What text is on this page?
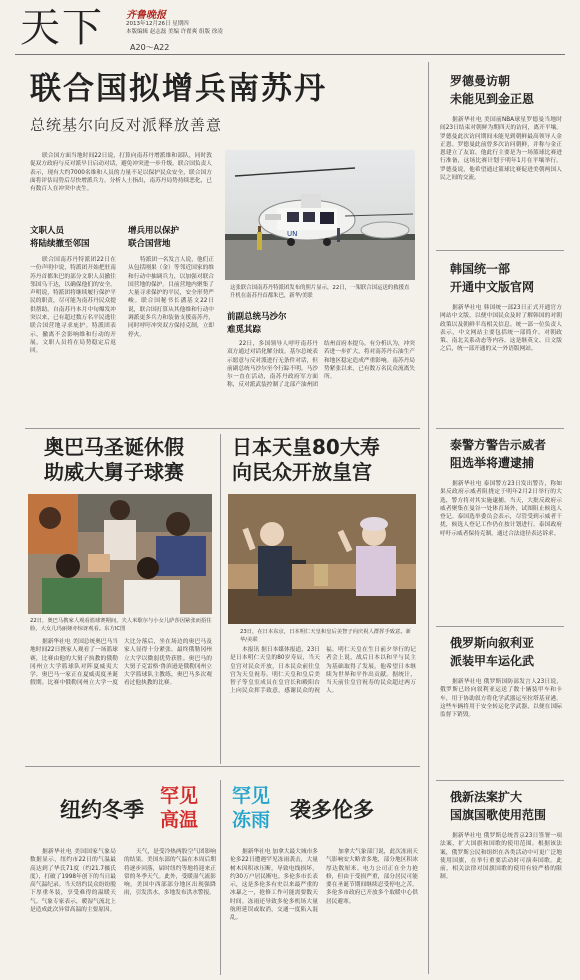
天下 齐鲁晚报
2013年12月26日 星期四
本版编辑 赵志磊 美编 许翟爽 组版 徐凌
A20～A22
联合国拟增兵南苏丹
总统基尔向反对派释放善意
联合国方面当地时间22日说，打算向南苏丹增派维和部队，同时敦促双方政府与反对派早日启动对话，避免冲突进一步升级。联合国负责人表示，现有大约7000名维和人员的力量不足以保护民众安全，联合国方面将评估局势后尽快增派兵力。分析人士指出，南苏丹局势持续恶化，已有数百人在冲突中丧生。
UN
这张联合国南苏丹特派团发布的照片显示，22日，一架联合国运送的救援直升机在南苏丹首都朱巴，新华/美联
文职人员
将陆续撤至邻国
联合国南苏丹特派团22日在一份声明中说，特派团开始把驻南苏丹首都朱巴的部分文职人员撤往邻国乌干达，以确保他们的安全。声明说，特派团将继续履行保护平民的职责，尽可能为南苏丹民众提供帮助。自南苏丹本月中旬爆发冲突以来，已有超过数万名平民逃往联合国营地寻求庇护。特派团表示，撤离不会影响维和行动的开展，文职人员将在局势稳定后返回。
增兵用以保护
联合国营地
特派团一名发言人说，他们正从包括刚果（金）等邻近国家的维和行动中抽调兵力，以加强对联合国营地的保护。目前营地内聚集了大量寻求保护的平民，安全形势严峻。联合国秘书长潘基文22日说，联合国打算从其他维和行动中调派更多兵力和装备支援南苏丹，同时呼吁冲突双方保持克制，立即停火。
前副总统马沙尔
难觅其踪
22日，多国领导人呼吁南苏丹双方通过对话化解分歧。基尔总统表示愿意与反对派进行无条件对话，但前副总统马沙尔至今行踪不明。马沙尔一直在活动，南苏丹政府军方面称，反对派武装控制了北部产油州团结州首府本提乌。有分析认为，冲突若进一步扩大，将对南苏丹石油生产和地区稳定造成严重影响。南苏丹局势紧张以来，已有数万名民众流离失所。
奥巴马圣诞休假
助威大舅子球赛
22日，奥巴马携家人观看篮球赛期间，夫人米歇尔与小女儿萨莎因紧张而捂住脸，大女儿玛丽娅亦惊讶观看。东方IC图
据新华社电 美国总统奥巴马当地时间22日携家人观看了一场篮球赛，比赛由他的大舅子执教的俄勒冈州立大学篮球队对阵夏威夷大学。奥巴马一家正在夏威夷度圣诞假期。比赛中俄勒冈州立大学一度大比分落后，坐在场边的奥巴马及家人显得十分紧张。最终俄勒冈州立大学以微弱优势获胜。奥巴马的大舅子克雷格·鲁滨逊是俄勒冈州立大学篮球队主教练，奥巴马多次观看过他执教的比赛。
日本天皇80大寿
向民众开放皇宫
23日，在日本东京，日本明仁天皇和皇后美智子向庆祝人群挥手致意。新华/美联
本报讯 据日本媒体报道，23日是日本明仁天皇的80岁寿辰，当天皇宫对民众开放，日本民众前往皇宫为天皇祝寿。明仁天皇和皇后美智子等皇室成员在皇宫长和殿阳台上向民众挥手致意，感谢民众的祝福。明仁天皇在生日前夕举行的记者会上说，战后日本以和平与民主为基础取得了发展，他希望日本继续为世界和平作出贡献。据统计，当天前往皇宫祝寿的民众超过两万人。
纽约冬季
罕见
高温
罕见
冻雨 袭多伦多
据新华社电 美国国家气象局数据显示，纽约市22日的气温最高达到了华氏71度（约21.7摄氏度），打破了1998年创下的当日最高气温纪录。当天纽约民众纷纷脱下厚重冬装，享受难得的温暖天气。气象专家表示，暖湿气流北上是造成此次异常高温的主要原因。
天气，是受冷热两股空气团影响的结果。美国东部的气温在本周后期将逐步回落，届时纽约等地将迎来正常的冬季天气。此外，受暖湿气流影响，美国中西部部分地区出现强降雨，引发洪水，多地发布洪水警报。
据新华社电 加拿大最大城市多伦多22日遭遇罕见冻雨袭击，大量树木因积冰压断，导致电线损坏，约30万户居民断电。多伦多市长表示，这是多伦多有史以来最严重的冰暴之一，抢修工作可能需要数天时间。冻雨还导致多伦多机场大量航班延误或取消，交通一度陷入混乱。
加拿大气象部门说，此次冻雨天气影响安大略省多地，部分地区积冰厚达数厘米。电力公司正在全力抢修，但由于受损严重，部分居民可能要在圣诞节期间继续忍受停电之苦。多伦多市政府已开放多个取暖中心供居民避寒。
罗德曼访朝
未能见到金正恩
据新华社电 美国前NBA球星罗德曼当地时间23日结束对朝鲜为期四天的访问，离开平壤。罗德曼此次访问期间未能见到朝鲜最高领导人金正恩。罗德曼此前曾多次访问朝鲜，并称与金正恩建立了友谊。他此行主要是为一场篮球比赛进行准备，这场比赛计划于明年1月在平壤举行。罗德曼说，他希望通过篮球比赛促进美朝两国人民之间的交流。
韩国统一部
开通中文版官网
据新华社电 韩国统一部23日正式开通官方网站中文版，以便中国民众及时了解韩国的对朝政策以及朝鲜半岛相关信息。统一部一位负责人表示，中文网站主要包括统一部简介、对朝政策、南北关系动态等内容。这是继英文、日文版之后，统一部开通的又一外语版网站。
泰警方警告示威者
阻选举将遭逮捕
据新华社电 泰国警方23日发出警告，称如果反政府示威者阻挠定于明年2月2日举行的大选，警方将对其实施逮捕。当天，大批反政府示威者聚集在曼谷一处体育场外，试图阻止候选人登记。泰国选举委员会表示，尽管受到示威者干扰，候选人登记工作仍在按计划进行。泰国政府呼吁示威者保持克制，通过合法途径表达诉求。
俄罗斯向叙利亚
派装甲车运化武
据新华社电 俄罗斯国防部发言人23日说，俄罗斯已经向叙利亚运送了数十辆装甲车和卡车，用于协助叙方将化学武器运至拉塔基亚港。这些车辆将用于安全转运化学武器，以便在国际监督下销毁。
俄新法案扩大
国旗国歌使用范围
据新华社电 俄罗斯总统普京23日签署一项法案，扩大国旗和国歌的使用范围。根据该法案，俄罗斯公民和组织在各类活动中可更广泛地使用国旗，在举行重要活动时可演奏国歌。此前，相关法律对国旗国歌的使用有较严格的限制。
